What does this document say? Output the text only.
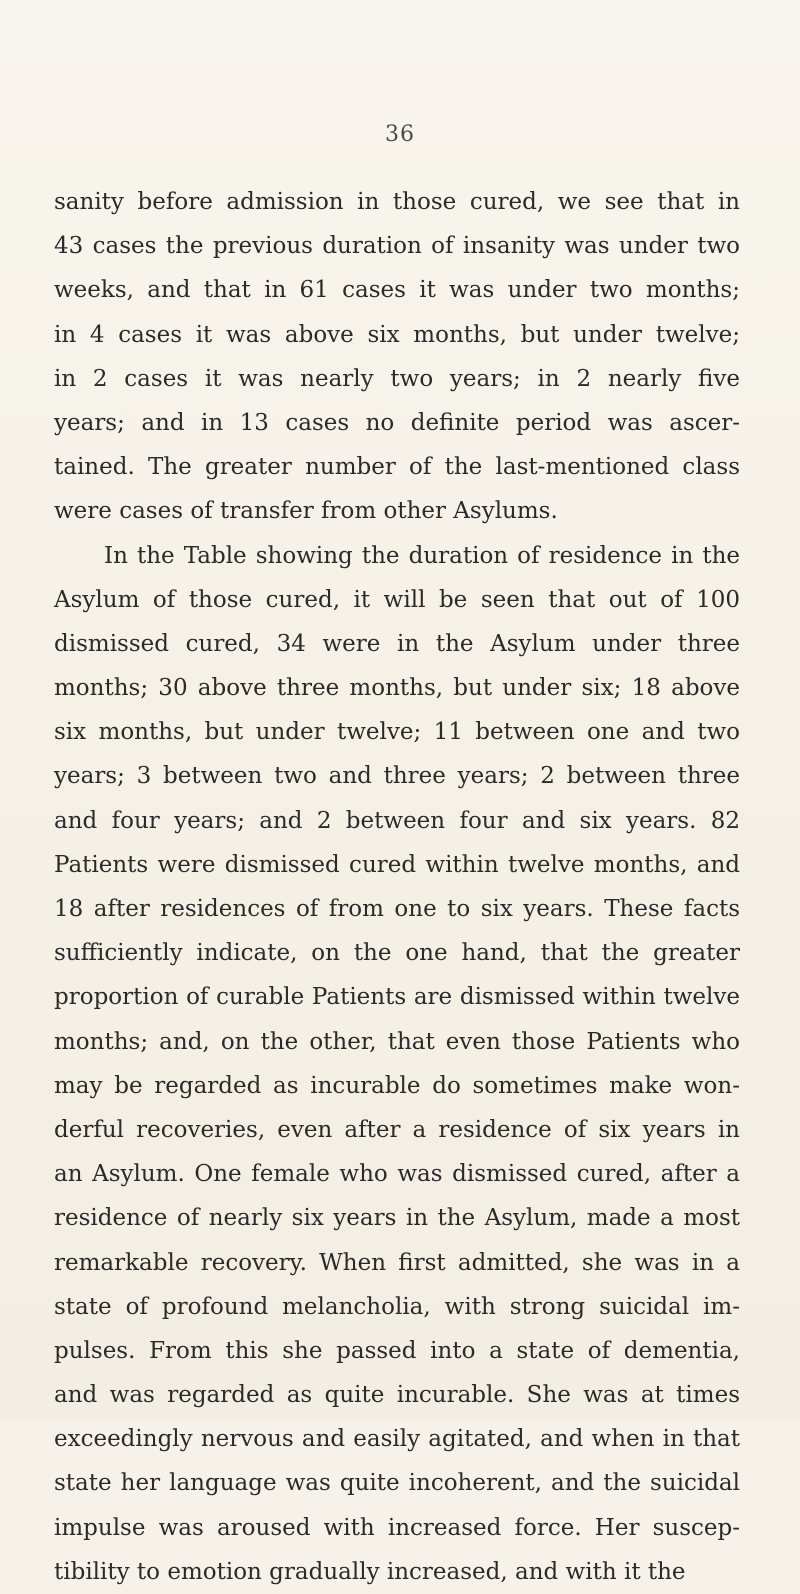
36
sanity before admission in those cured, we see that in
43 cases the previous duration of insanity was under two
weeks, and that in 61 cases it was under two months;
in 4 cases it was above six months, but under twelve;
in 2 cases it was nearly two years; in 2 nearly five
years; and in 13 cases no definite period was ascer-
tained. The greater number of the last-mentioned class
were cases of transfer from other Asylums.
In the Table showing the duration of residence in the
Asylum of those cured, it will be seen that out of 100
dismissed cured, 34 were in the Asylum under three
months; 30 above three months, but under six; 18 above
six months, but under twelve; 11 between one and two
years; 3 between two and three years; 2 between three
and four years; and 2 between four and six years. 82
Patients were dismissed cured within twelve months, and
18 after residences of from one to six years. These facts
sufficiently indicate, on the one hand, that the greater
proportion of curable Patients are dismissed within twelve
months; and, on the other, that even those Patients who
may be regarded as incurable do sometimes make won-
derful recoveries, even after a residence of six years in
an Asylum. One female who was dismissed cured, after a
residence of nearly six years in the Asylum, made a most
remarkable recovery. When first admitted, she was in a
state of profound melancholia, with strong suicidal im-
pulses. From this she passed into a state of dementia,
and was regarded as quite incurable. She was at times
exceedingly nervous and easily agitated, and when in that
state her language was quite incoherent, and the suicidal
impulse was aroused with increased force. Her suscep-
tibility to emotion gradually increased, and with it the
